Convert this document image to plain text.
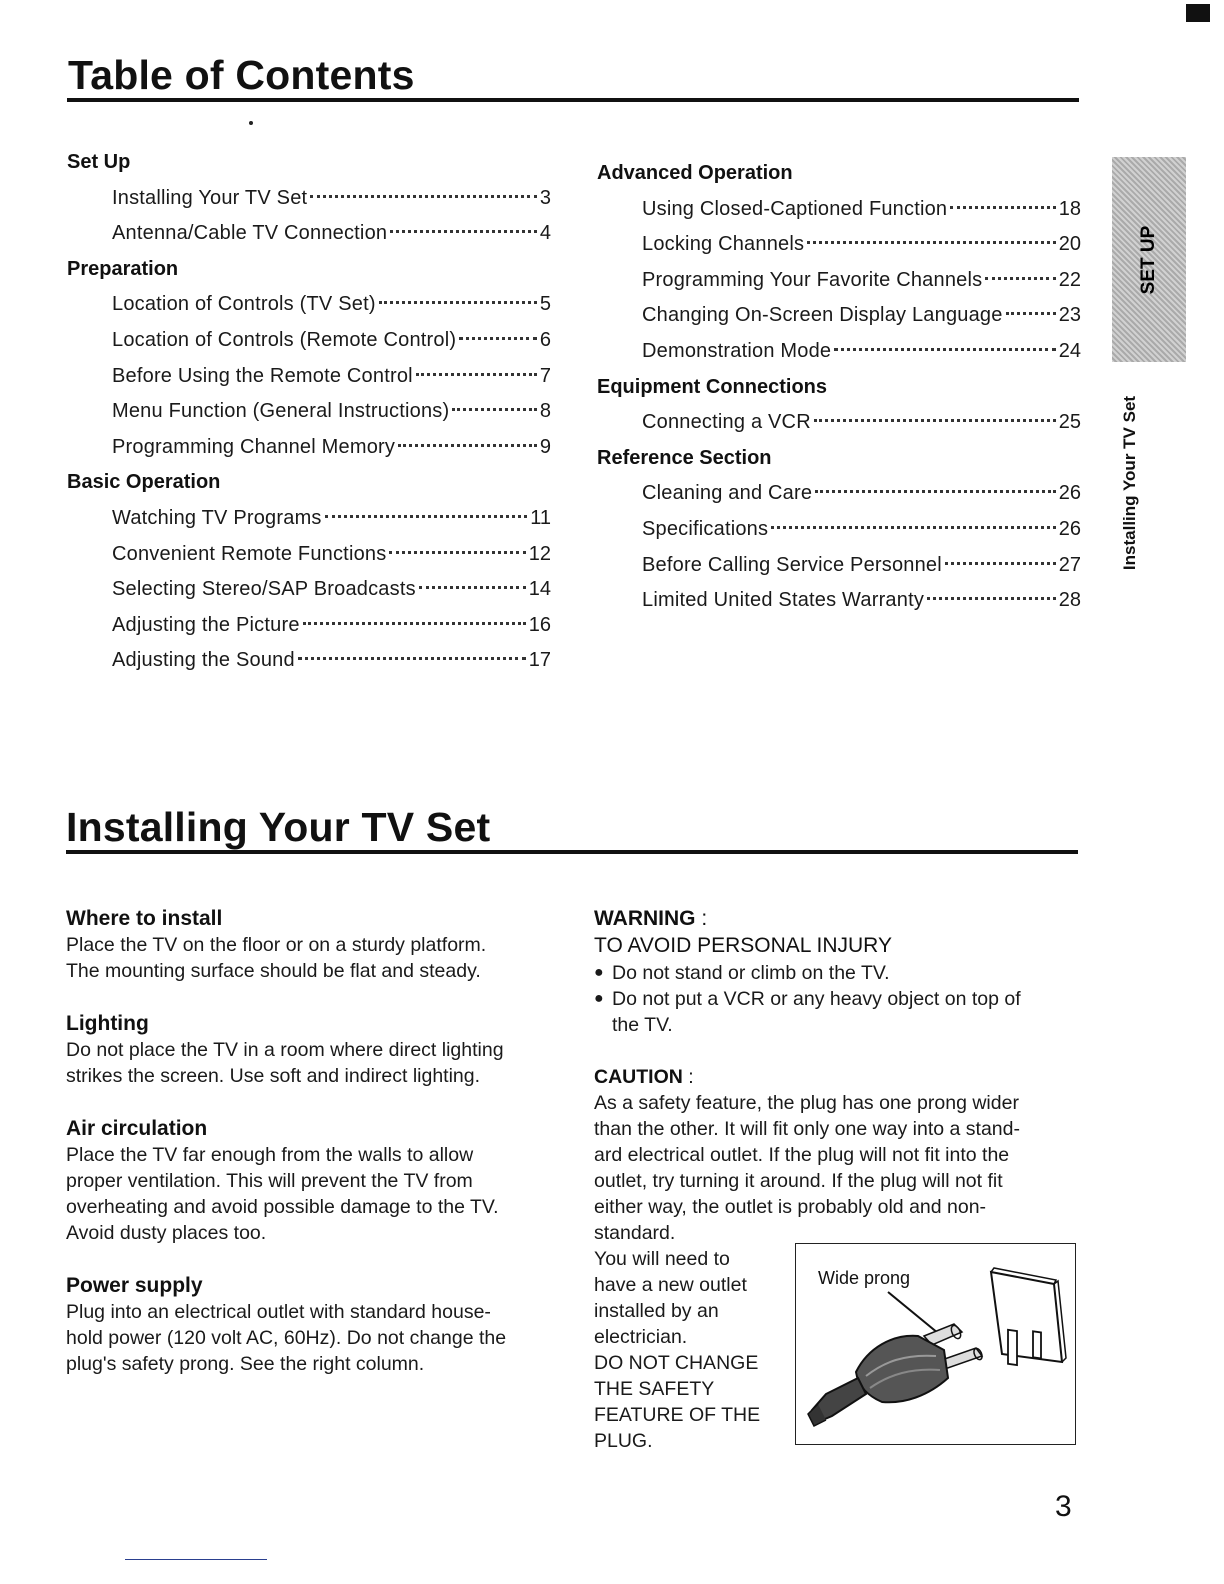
Table of Contents
Set Up
Installing Your TV Set	3
Antenna/Cable TV Connection	4
Preparation
Location of Controls (TV Set)	5
Location of Controls (Remote Control)	6
Before Using the Remote Control	7
Menu Function (General Instructions)	8
Programming Channel Memory	9
Basic Operation
Watching TV Programs	11
Convenient Remote Functions	12
Selecting Stereo/SAP Broadcasts	14
Adjusting the Picture	16
Adjusting the Sound	17
Advanced Operation
Using Closed-Captioned Function	18
Locking Channels	20
Programming Your Favorite Channels	22
Changing On-Screen Display Language	23
Demonstration Mode	24
Equipment Connections
Connecting a VCR	25
Reference Section
Cleaning and Care	26
Specifications	26
Before Calling Service Personnel	27
Limited United States Warranty	28
SET UP
Installing Your TV Set
Installing Your TV Set

Where to install

Place the TV on the floor or on a sturdy platform.

The mounting surface should be flat and steady.

Lighting

Do not place the TV in a room where direct lighting

strikes the screen. Use soft and indirect lighting.

Air circulation

Place the TV far enough from the walls to allow

proper ventilation. This will prevent the TV from

overheating and avoid possible damage to the TV.

Avoid dusty places too.

Power supply

Plug into an electrical outlet with standard house-

hold power (120 volt AC, 60Hz). Do not change the

plug's safety prong. See the right column.

WARNING :
TO AVOID PERSONAL INJURY
● Do not stand or climb on the TV.
● Do not put a VCR or any heavy object on top of
the TV.
CAUTION :

As a safety feature, the plug has one prong wider

than the other. It will fit only one way into a stand-

ard electrical outlet. If the plug will not fit into the

outlet, try turning it around. If the plug will not fit

either way, the outlet is probably old and non-

standard.

You will need to
have a new outlet
installed by an
electrician.
DO NOT CHANGE
THE SAFETY
FEATURE OF THE
PLUG.
Wide prong
3
